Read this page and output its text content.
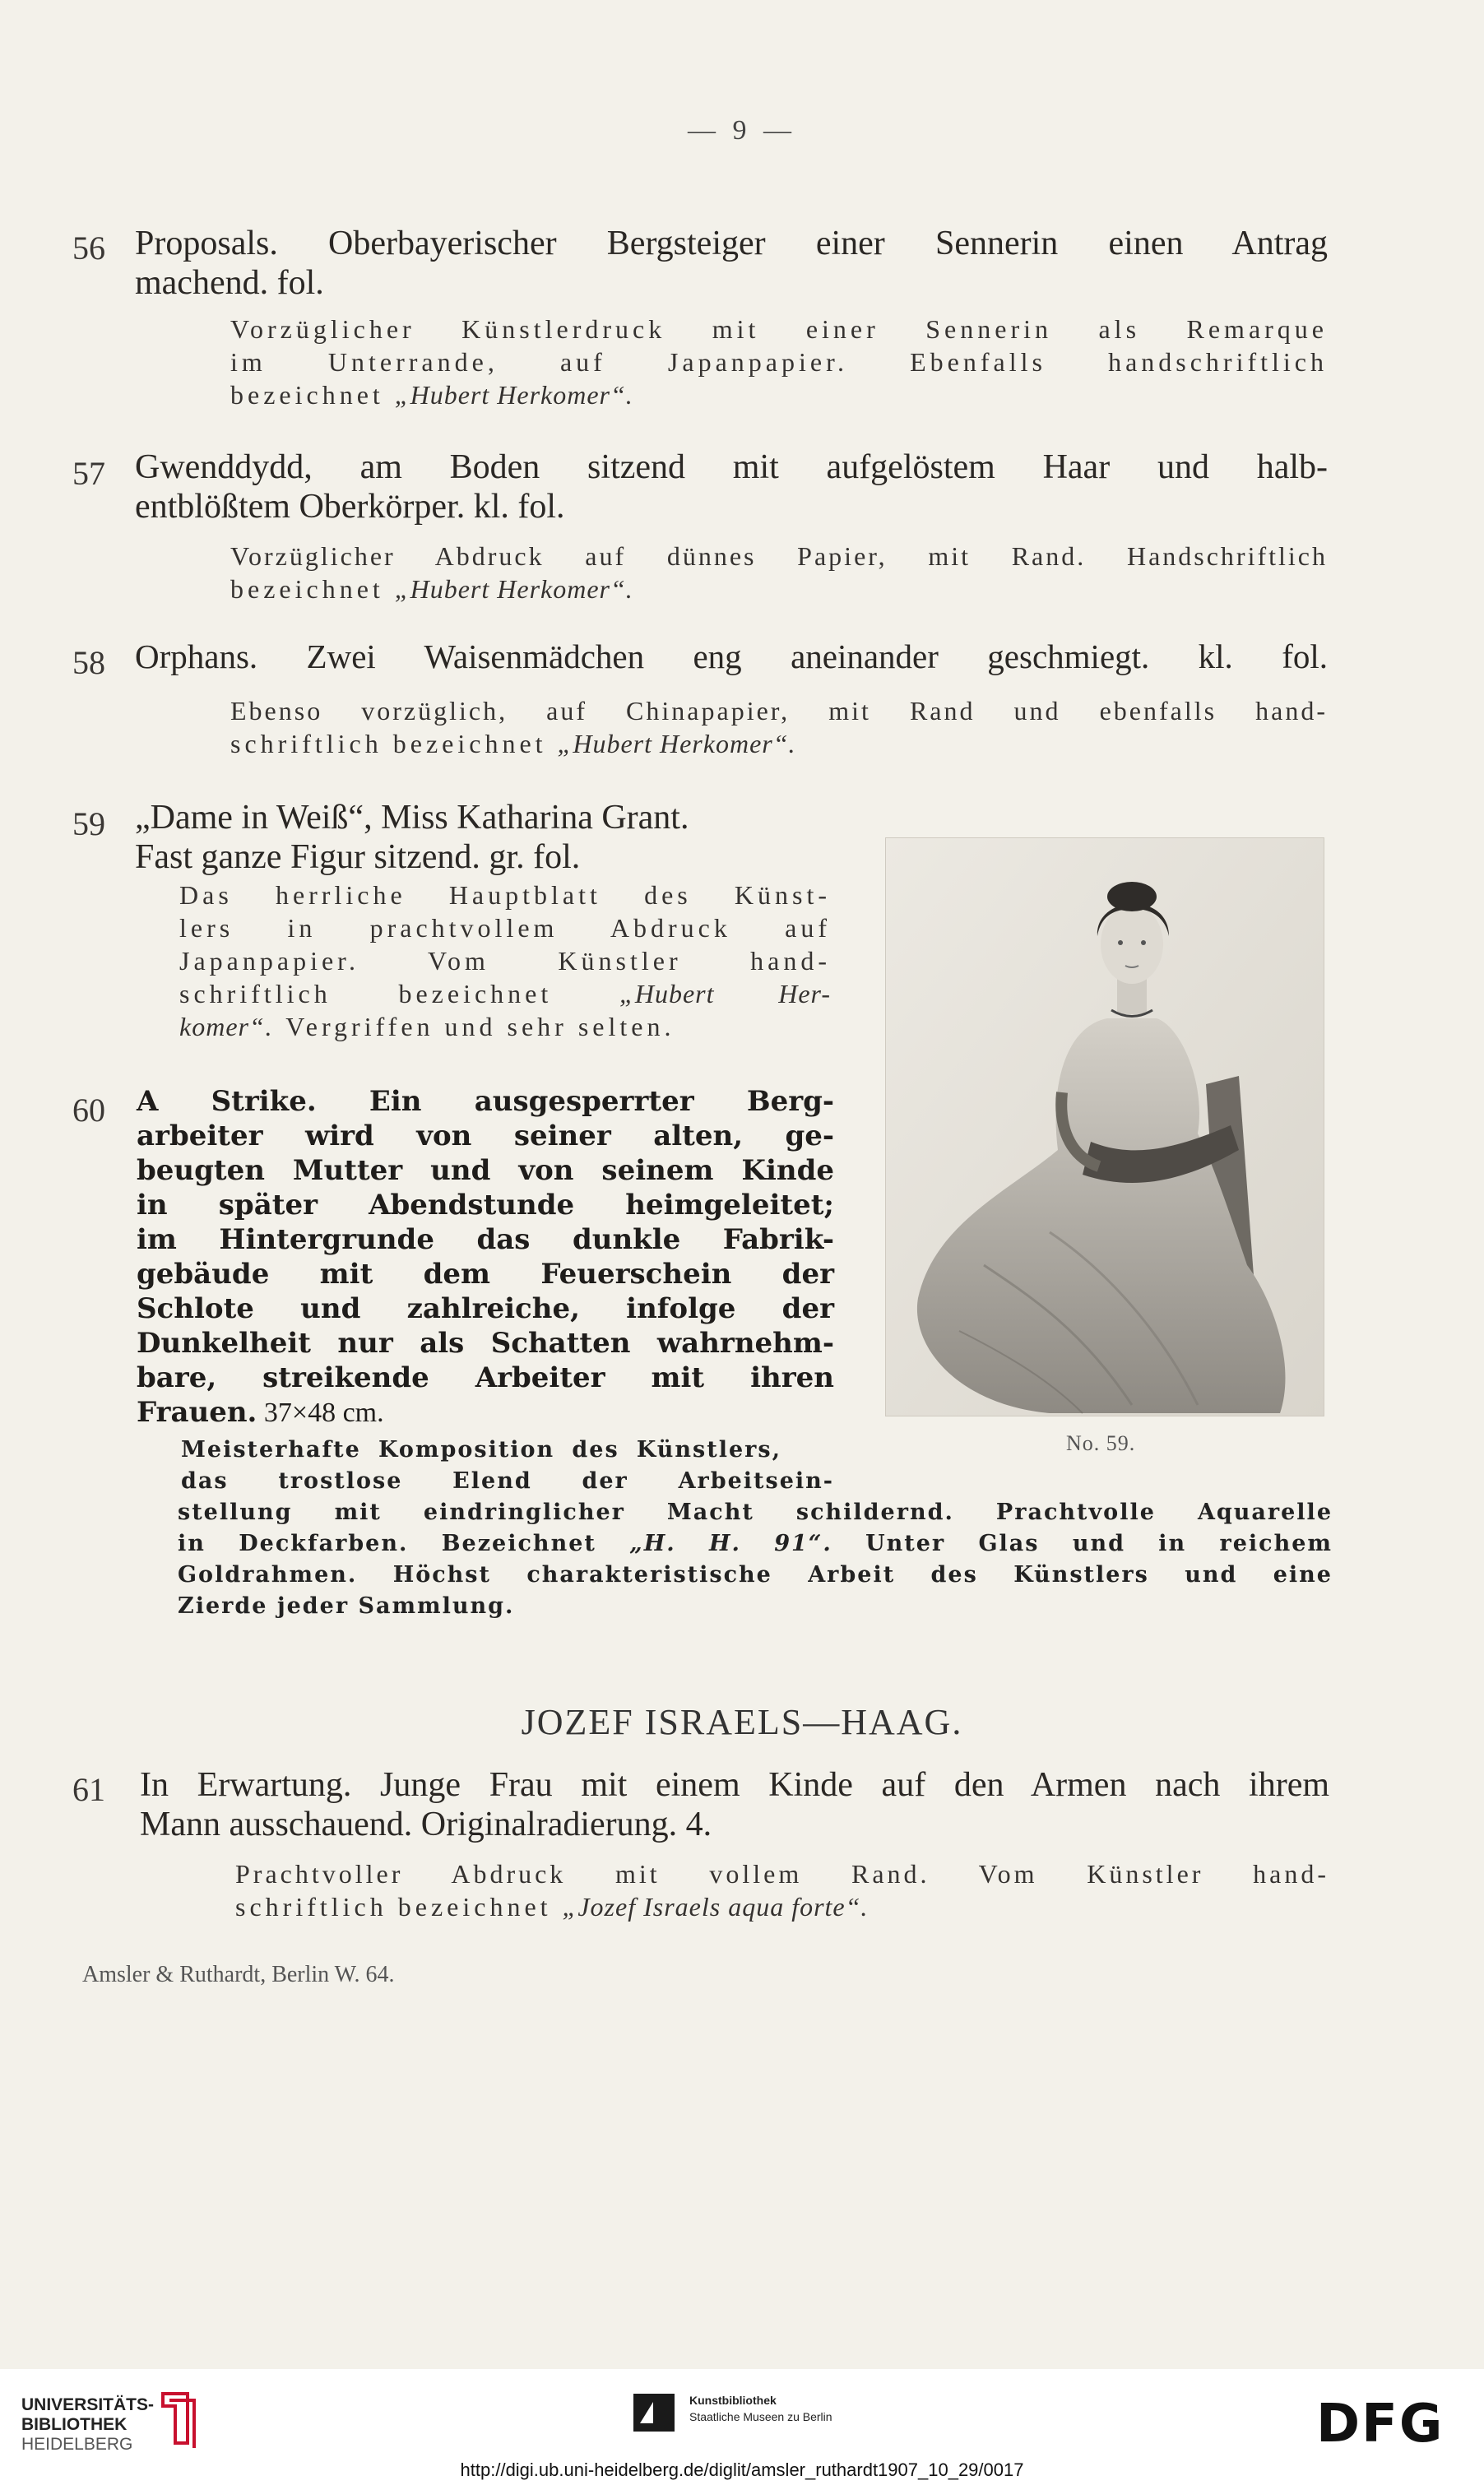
— 9 —
56 Proposals. Oberbayerischer Bergsteiger einer Sennerin einen Antrag
machend. fol.
Vorzüglicher Künstlerdruck mit einer Sennerin als Remarque
im Unterrande, auf Japanpapier. Ebenfalls handschriftlich
bezeichnet „Hubert Herkomer“.
57 Gwenddydd, am Boden sitzend mit aufgelöstem Haar und halb-
entblößtem Oberkörper. kl. fol.
Vorzüglicher Abdruck auf dünnes Papier, mit Rand. Handschriftlich
bezeichnet „Hubert Herkomer“.
58 Orphans. Zwei Waisenmädchen eng aneinander geschmiegt. kl. fol.
Ebenso vorzüglich, auf Chinapapier, mit Rand und ebenfalls hand-
schriftlich bezeichnet „Hubert Herkomer“.
59 „Dame in Weiß“, Miss Katharina Grant.
Fast ganze Figur sitzend. gr. fol.
Das herrliche Hauptblatt des Künst-
lers in prachtvollem Abdruck auf
Japanpapier. Vom Künstler hand-
schriftlich bezeichnet „Hubert Her-
komer“. Vergriffen und sehr selten.
No. 59.
60 A Strike. Ein ausgesperrter Berg-
arbeiter wird von seiner alten, ge-
beugten Mutter und von seinem Kinde
in später Abendstunde heimgeleitet;
im Hintergrunde das dunkle Fabrik-
gebäude mit dem Feuerschein der
Schlote und zahlreiche, infolge der
Dunkelheit nur als Schatten wahrnehm-
bare, streikende Arbeiter mit ihren
Frauen. 37×48 cm.
Meisterhafte Komposition des Künstlers,
das trostlose Elend der Arbeitsein-
stellung mit eindringlicher Macht schildernd. Prachtvolle Aquarelle
in Deckfarben. Bezeichnet „H. H. 91“. Unter Glas und in reichem
Goldrahmen. Höchst charakteristische Arbeit des Künstlers und eine
Zierde jeder Sammlung.
JOZEF ISRAELS—HAAG.
61 In Erwartung. Junge Frau mit einem Kinde auf den Armen nach ihrem
Mann ausschauend. Originalradierung. 4.
Prachtvoller Abdruck mit vollem Rand. Vom Künstler hand-
schriftlich bezeichnet „Jozef Israels aqua forte“.
Amsler & Ruthardt, Berlin W. 64.
UNIVERSITÄTS-
BIBLIOTHEK
HEIDELBERG
Kunstbibliothek
Staatliche Museen zu Berlin	DFG
http://digi.ub.uni-heidelberg.de/diglit/amsler_ruthardt1907_10_29/0017
